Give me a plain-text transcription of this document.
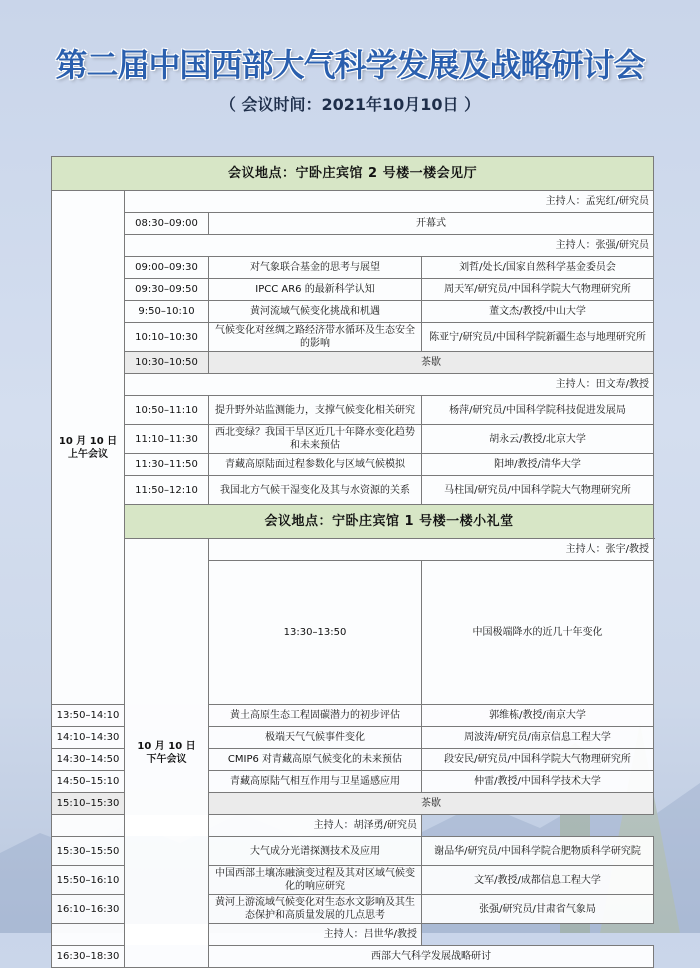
第二届中国西部大气科学发展及战略研讨会
（ 会议时间：2021年10月10日 ）
会议地点：宁卧庄宾馆 2 号楼一楼会见厅				

10 月 10 日
上午会议	主持人：孟宪红/研究员			
	08:30–09:00	开幕式		
	主持人：张强/研究员			
	09:00–09:30	对气象联合基金的思考与展望	刘哲/处长/国家自然科学基金委员会	
	09:30–09:50	IPCC AR6 的最新科学认知	周天军/研究员/中国科学院大气物理研究所	
	9:50–10:10	黄河流域气候变化挑战和机遇	董文杰/教授/中山大学	
	10:10–10:30	气候变化对丝绸之路经济带水循环及生态安全的影响	陈亚宁/研究员/中国科学院新疆生态与地理研究所	
	10:30–10:50	茶歇		
	主持人：田文寿/教授			
	10:50–11:10	提升野外站监测能力，支撑气候变化相关研究	杨萍/研究员/中国科学院科技促进发展局	
	11:10–11:30	西北变绿？我国干旱区近几十年降水变化趋势和未来预估	胡永云/教授/北京大学	
	11:30–11:50	青藏高原陆面过程参数化与区域气候模拟	阳坤/教授/清华大学	
	11:50–12:10	我国北方气候干湿变化及其与水资源的关系	马柱国/研究员/中国科学院大气物理研究所	
	会议地点：宁卧庄宾馆 1 号楼一楼小礼堂			

	10 月 10 日
下午会议	主持人：张宇/教授		
		13:30–13:50	中国极端降水的近几十年变化	
13:50–14:10		黄土高原生态工程固碳潜力的初步评估	郭维栋/教授/南京大学	
14:10–14:30		极端天气气候事件变化	周波涛/研究员/南京信息工程大学	
14:30–14:50		CMIP6 对青藏高原气候变化的未来预估	段安民/研究员/中国科学院大气物理研究所	
14:50–15:10		青藏高原陆气相互作用与卫星遥感应用	仲雷/教授/中国科学技术大学	
15:10–15:30		茶歇		
主持人：胡泽勇/研究员				
15:30–15:50		大气成分光谱探测技术及应用	谢品华/研究员/中国科学院合肥物质科学研究院	
15:50–16:10		中国西部土壤冻融演变过程及其对区域气候变化的响应研究	文军/教授/成都信息工程大学	
16:10–16:30		黄河上游流域气候变化对生态水文影响及其生态保护和高质量发展的几点思考	张强/研究员/甘肃省气象局	
主持人：吕世华/教授				
16:30–18:30		西部大气科学发展战略研讨		
